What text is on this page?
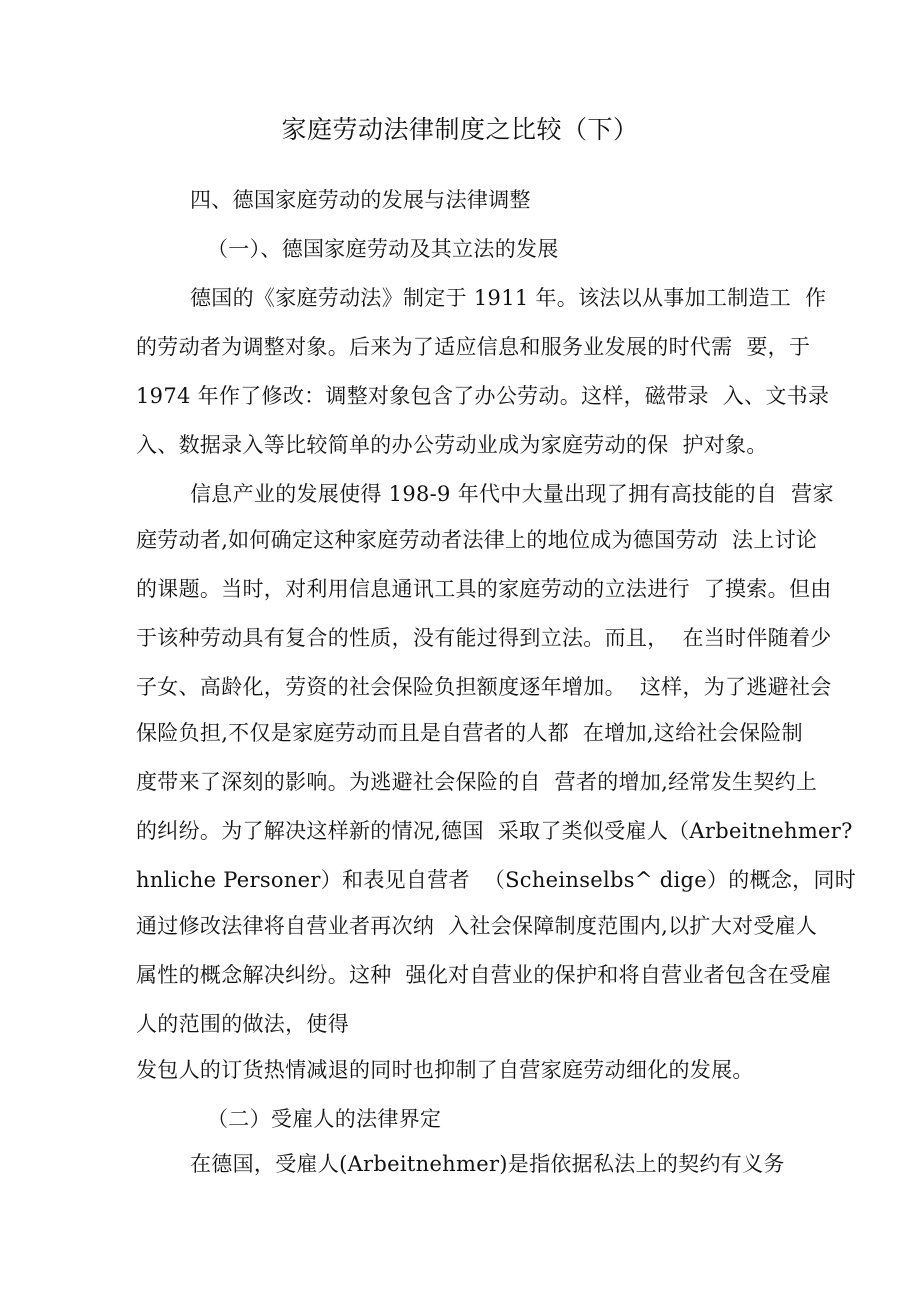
家庭劳动法律制度之比较（下）
四、德国家庭劳动的发展与法律调整
（一）、德国家庭劳动及其立法的发展
德国的《家庭劳动法》制定于 1911 年。该法以从事加工制造工  作
的劳动者为调整对象。后来为了适应信息和服务业发展的时代需  要，于
1974 年作了修改：调整对象包含了办公劳动。这样，磁带录  入、文书录
入、数据录入等比较简单的办公劳动业成为家庭劳动的保  护对象。
信息产业的发展使得 198-9 年代中大量出现了拥有高技能的自  营家
庭劳动者,如何确定这种家庭劳动者法律上的地位成为德国劳动  法上讨论
的课题。当时，对利用信息通讯工具的家庭劳动的立法进行  了摸索。但由
于该种劳动具有复合的性质，没有能过得到立法。而且，  在当时伴随着少
子女、高龄化，劳资的社会保险负担额度逐年增加。  这样，为了逃避社会
保险负担,不仅是家庭劳动而且是自营者的人都  在增加,这给社会保险制
度带来了深刻的影响。为逃避社会保险的自  营者的增加,经常发生契约上
的纠纷。为了解决这样新的情况,德国  采取了类似受雇人（Arbeitnehmer?
hnliche Personer）和表见自营者  （Scheinselbs^ dige）的概念，同时
通过修改法律将自营业者再次纳  入社会保障制度范围内,以扩大对受雇人
属性的概念解决纠纷。这种  强化对自营业的保护和将自营业者包含在受雇
人的范围的做法，使得
发包人的订货热情减退的同时也抑制了自营家庭劳动细化的发展。
（二）受雇人的法律界定
在德国，受雇人(Arbeitnehmer)是指依据私法上的契约有义务
